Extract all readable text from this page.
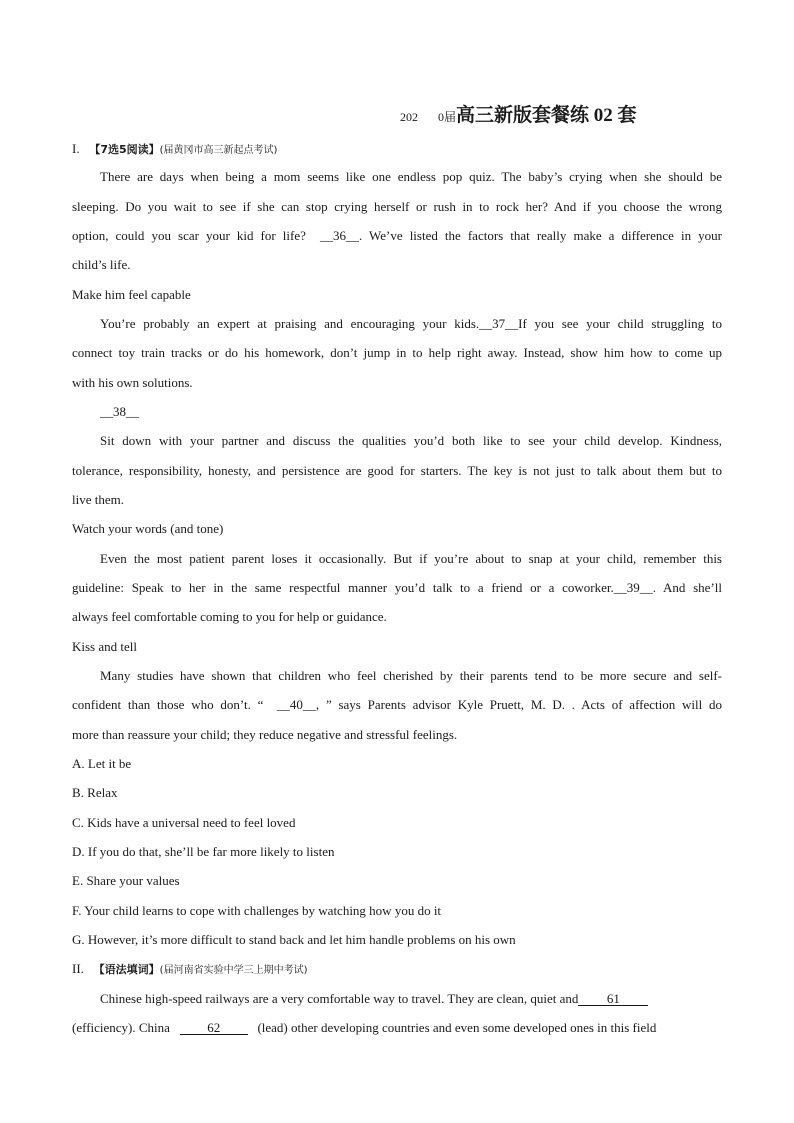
202 0届高三新版套餐练 02 套
I. 【7选5阅读】(届黄冈市高三新起点考试)
There are days when being a mom seems like one endless pop quiz. The baby’s crying when she should be
sleeping. Do you wait to see if she can stop crying herself or rush in to rock her? And if you choose the wrong
option, could you scar your kid for life? __36__. We’ve listed the factors that really make a difference in your
child’s life.
Make him feel capable
You’re probably an expert at praising and encouraging your kids.__37__If you see your child struggling to
connect toy train tracks or do his homework, don’t jump in to help right away. Instead, show him how to come up
with his own solutions.
__38__
Sit down with your partner and discuss the qualities you’d both like to see your child develop. Kindness,
tolerance, responsibility, honesty, and persistence are good for starters. The key is not just to talk about them but to
live them.
Watch your words (and tone)
Even the most patient parent loses it occasionally. But if you’re about to snap at your child, remember this
guideline: Speak to her in the same respectful manner you’d talk to a friend or a coworker.__39__. And she’ll
always feel comfortable coming to you for help or guidance.
Kiss and tell
Many studies have shown that children who feel cherished by their parents tend to be more secure and self-
confident than those who don’t. “ __40__, ” says Parents advisor Kyle Pruett, M. D. . Acts of affection will do
more than reassure your child; they reduce negative and stressful feelings.
A. Let it be
B. Relax
C. Kids have a universal need to feel loved
D. If you do that, she’ll be far more likely to listen
E. Share your values
F. Your child learns to cope with challenges by watching how you do it
G. However, it’s more difficult to stand back and let him handle problems on his own
II. 【语法填词】(届河南省实验中学三上期中考试)
Chinese high-speed railways are a very comfortable way to travel. They are clean, quiet and 61
(efficiency). China	62	(lead) other developing countries and even some developed ones in this field
